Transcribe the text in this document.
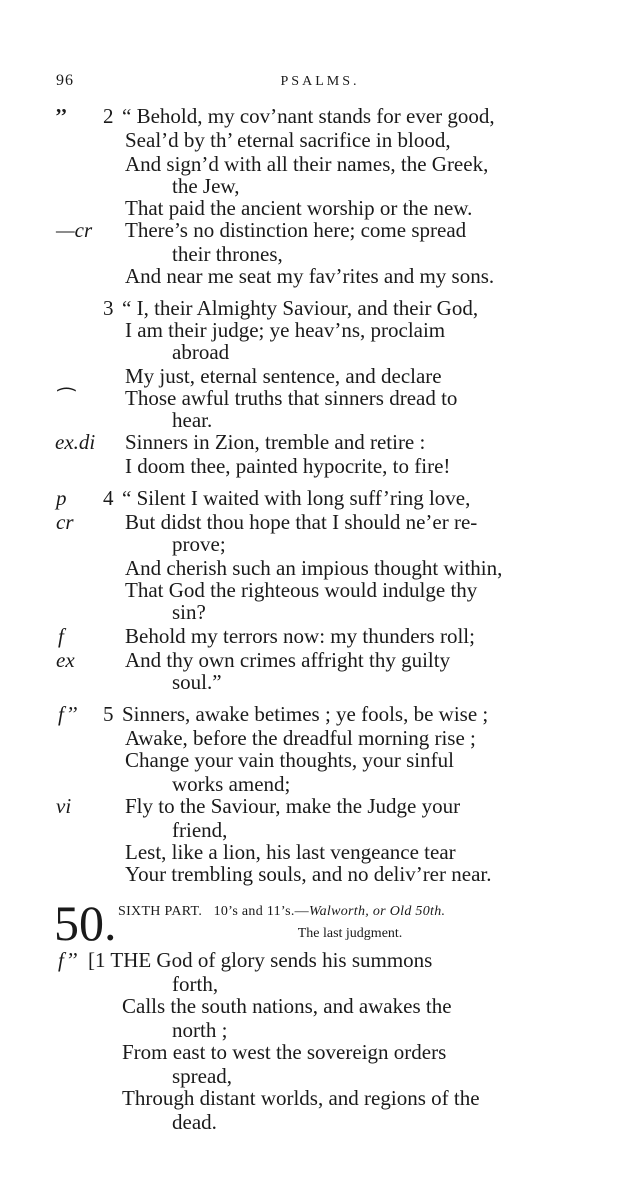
96	PSALMS.
’’
—cr
⁀
ex.di
p
cr
f
ex
f’’
vi
f’’
2
3
4
5
“ Behold, my cov’nant stands for ever good,
Seal’d by th’ eternal sacrifice in blood,
And sign’d with all their names, the Greek,
the Jew,
That paid the ancient worship or the new.
There’s no distinction here; come spread
their thrones,
And near me seat my fav’rites and my sons.
“ I, their Almighty Saviour, and their God,
I am their judge; ye heav’ns, proclaim
abroad
My just, eternal sentence, and declare
Those awful truths that sinners dread to
hear.
Sinners in Zion, tremble and retire :
I doom thee, painted hypocrite, to fire!
“ Silent I waited with long suff’ring love,
But didst thou hope that I should ne’er re-
prove;
And cherish such an impious thought within,
That God the righteous would indulge thy
sin?
Behold my terrors now: my thunders roll;
And thy own crimes affright thy guilty
soul.”
Sinners, awake betimes ; ye fools, be wise ;
Awake, before the dreadful morning rise ;
Change your vain thoughts, your sinful
works amend;
Fly to the Saviour, make the Judge your
friend,
Lest, like a lion, his last vengeance tear
Your trembling souls, and no deliv’rer near.
50. SIXTH PART. 10’s and 11’s.—Walworth, or Old 50th.
The last judgment.
[1 THE God of glory sends his summons
forth,
Calls the south nations, and awakes the
north ;
From east to west the sovereign orders
spread,
Through distant worlds, and regions of the
dead.
